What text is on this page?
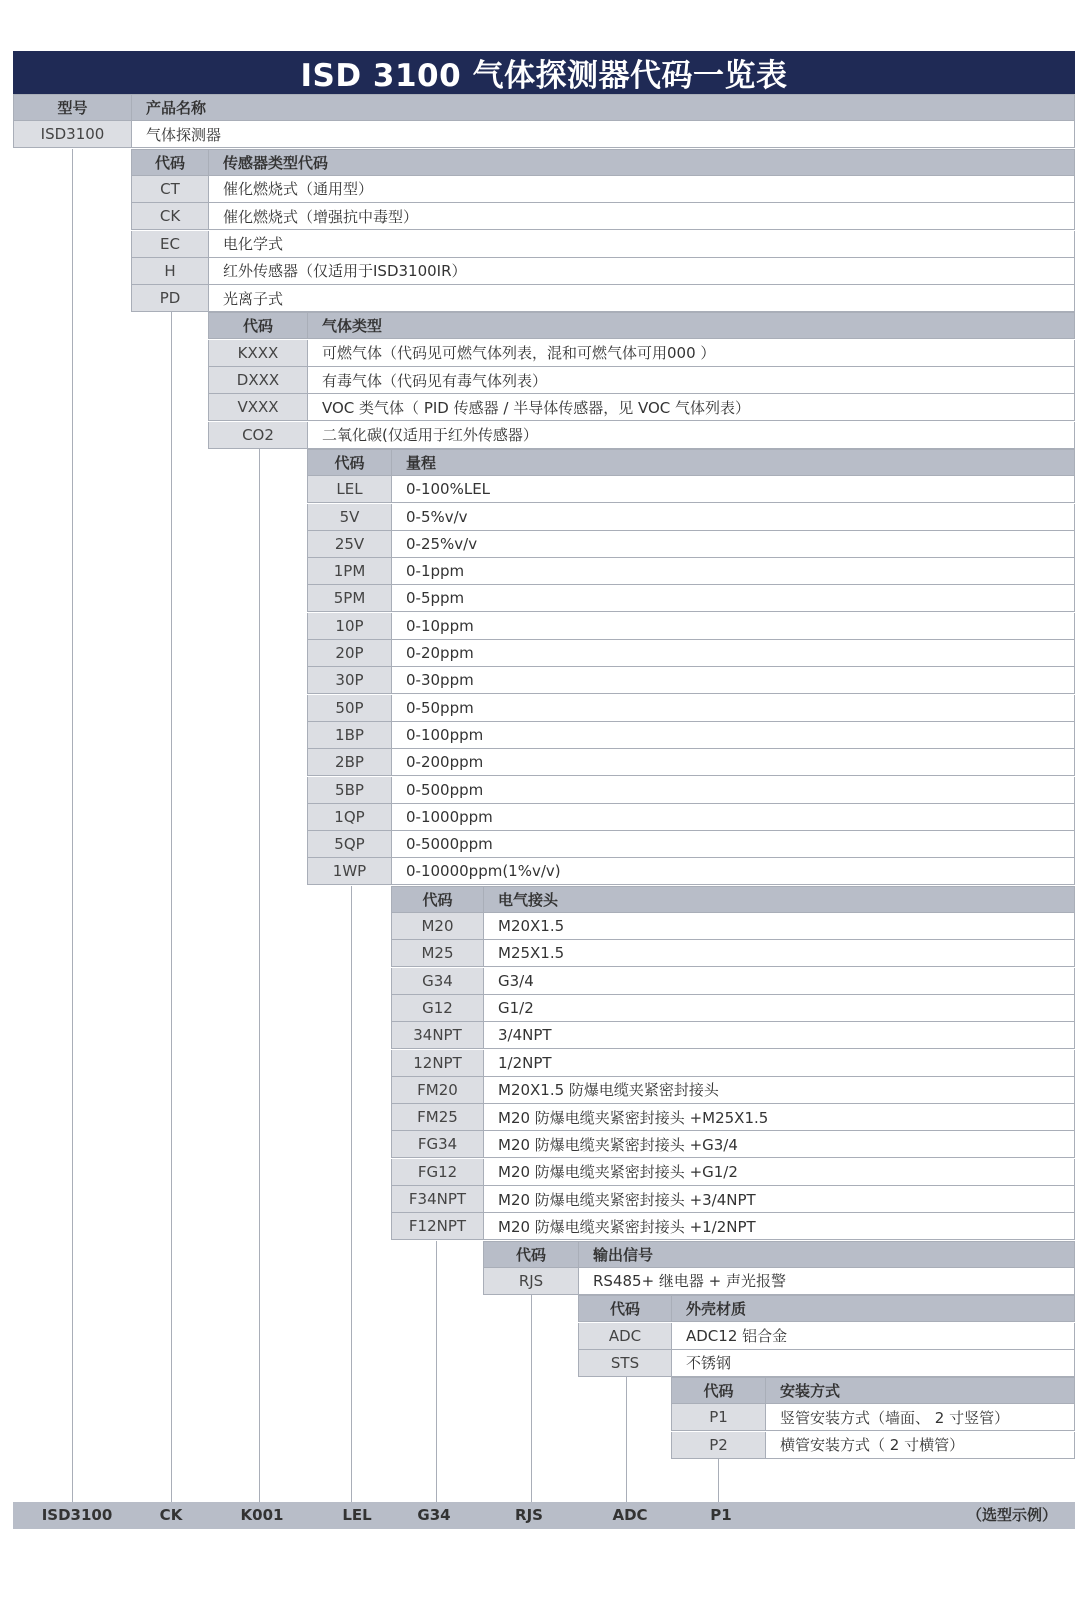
ISD 3100 气体探测器代码一览表
型号	产品名称
ISD3100	气体探测器
代码	传感器类型代码
CT	催化燃烧式（通用型）
CK	催化燃烧式（增强抗中毒型）
EC	电化学式
H	红外传感器（仅适用于ISD3100IR）
PD	光离子式
代码	气体类型
KXXX	可燃气体（代码见可燃气体列表，混和可燃气体可用000 ）
DXXX	有毒气体（代码见有毒气体列表）
VXXX	VOC 类气体（ PID 传感器 / 半导体传感器，见 VOC 气体列表）
CO2	二氧化碳(仅适用于红外传感器）
代码	量程
LEL	0-100%LEL
5V	0-5%v/v
25V	0-25%v/v
1PM	0-1ppm
5PM	0-5ppm
10P	0-10ppm
20P	0-20ppm
30P	0-30ppm
50P	0-50ppm
1BP	0-100ppm
2BP	0-200ppm
5BP	0-500ppm
1QP	0-1000ppm
5QP	0-5000ppm
1WP	0-10000ppm(1%v/v)
代码	电气接头
M20	M20X1.5
M25	M25X1.5
G34	G3/4
G12	G1/2
34NPT	3/4NPT
12NPT	1/2NPT
FM20	M20X1.5 防爆电缆夹紧密封接头
FM25	M20 防爆电缆夹紧密封接头 +M25X1.5
FG34	M20 防爆电缆夹紧密封接头 +G3/4
FG12	M20 防爆电缆夹紧密封接头 +G1/2
F34NPT	M20 防爆电缆夹紧密封接头 +3/4NPT
F12NPT	M20 防爆电缆夹紧密封接头 +1/2NPT
代码	输出信号
RJS	RS485+ 继电器 + 声光报警
代码	外壳材质
ADC	ADC12 铝合金
STS	不锈钢
代码	安装方式
P1	竖管安装方式（墙面、 2 寸竖管）
P2	横管安装方式（ 2 寸横管）
ISD3100	CK	K001	LEL	G34	RJS	ADC	P1	（选型示例）
